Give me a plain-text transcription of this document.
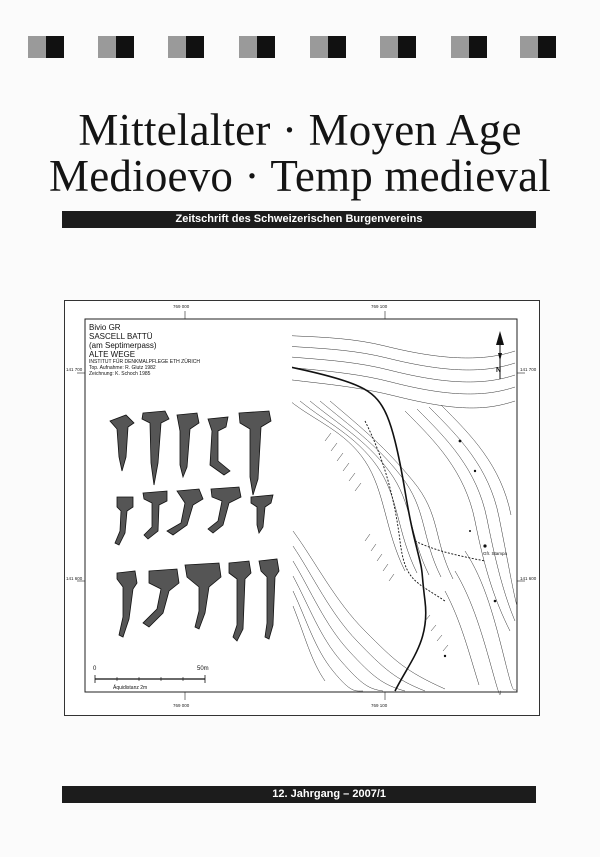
Mittelalter · Moyen Age
Medioevo · Temp medieval
Zeitschrift des Schweizerischen Burgenvereins
Bivio GR
SASCELL BATTÜ
(am Septimerpass)
ALTE WEGE
INSTITUT FÜR DENKMALPFLEGE ETH ZÜRICH
Top. Aufnahme: R. Glutz 1982
Zeichnung: K. Schoch 1985
769 000	769 100
769 000	769 100
141 700
141 600
141 700
141 600
0	50m
Äquidistanz 2m
N
Gfr. Stampa
12. Jahrgang – 2007/1
